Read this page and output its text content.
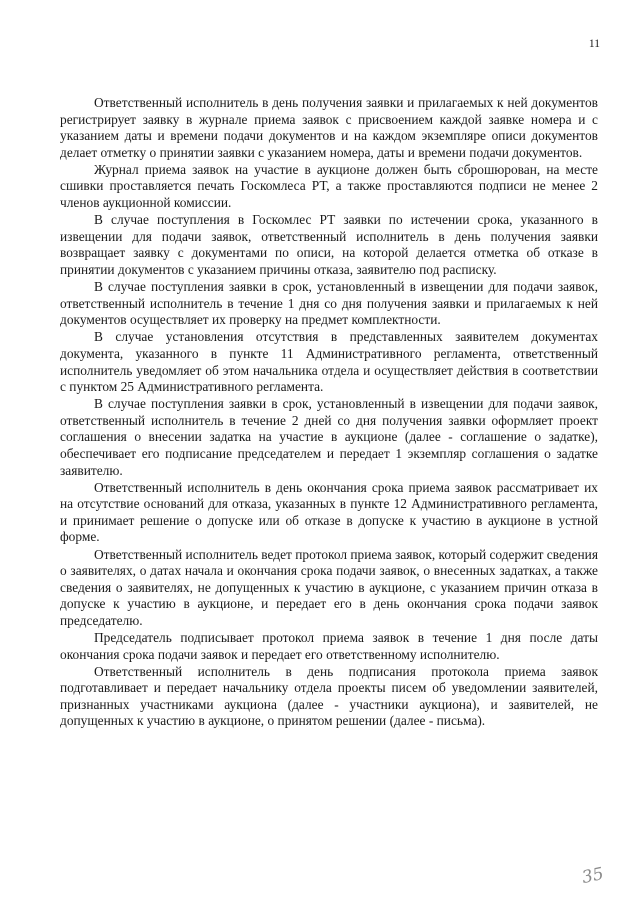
11

Ответственный исполнитель в день получения заявки и прилагаемых к ней документов регистрирует заявку в журнале приема заявок с присвоением каждой заявке номера и с указанием даты и времени подачи документов и на каждом экземпляре описи документов делает отметку о принятии заявки с указанием номера, даты и времени подачи документов.

Журнал приема заявок на участие в аукционе должен быть сброшюрован, на месте сшивки проставляется печать Госкомлеса РТ, а также проставляются подписи не менее 2 членов аукционной комиссии.

В случае поступления в Госкомлес РТ заявки по истечении срока, указанного в извещении для подачи заявок, ответственный исполнитель в день получения заявки возвращает заявку с документами по описи, на которой делается отметка об отказе в принятии документов с указанием причины отказа, заявителю под расписку.

В случае поступления заявки в срок, установленный в извещении для подачи заявок, ответственный исполнитель в течение 1 дня со дня получения заявки и прилагаемых к ней документов осуществляет их проверку на предмет комплектности.

В случае установления отсутствия в представленных заявителем документах документа, указанного в пункте 11 Административного регламента, ответственный исполнитель уведомляет об этом начальника отдела и осуществляет действия в соответствии с пунктом 25 Административного регламента.

В случае поступления заявки в срок, установленный в извещении для подачи заявок, ответственный исполнитель в течение 2 дней со дня получения заявки оформляет проект соглашения о внесении задатка на участие в аукционе (далее - соглашение о задатке), обеспечивает его подписание председателем и передает 1 экземпляр соглашения о задатке заявителю.

Ответственный исполнитель в день окончания срока приема заявок рассматривает их на отсутствие оснований для отказа, указанных в пункте 12 Административного регламента, и принимает решение о допуске или об отказе в допуске к участию в аукционе в устной форме.

Ответственный исполнитель ведет протокол приема заявок, который содержит сведения о заявителях, о датах начала и окончания срока подачи заявок, о внесенных задатках, а также сведения о заявителях, не допущенных к участию в аукционе, с указанием причин отказа в допуске к участию в аукционе, и передает его в день окончания срока подачи заявок председателю.

Председатель подписывает протокол приема заявок в течение 1 дня после даты окончания срока подачи заявок и передает его ответственному исполнителю.

Ответственный исполнитель в день подписания протокола приема заявок подготавливает и передает начальнику отдела проекты писем об уведомлении заявителей, признанных участниками аукциона (далее - участники аукциона), и заявителей, не допущенных к участию в аукционе, о принятом решении (далее - письма).

35
